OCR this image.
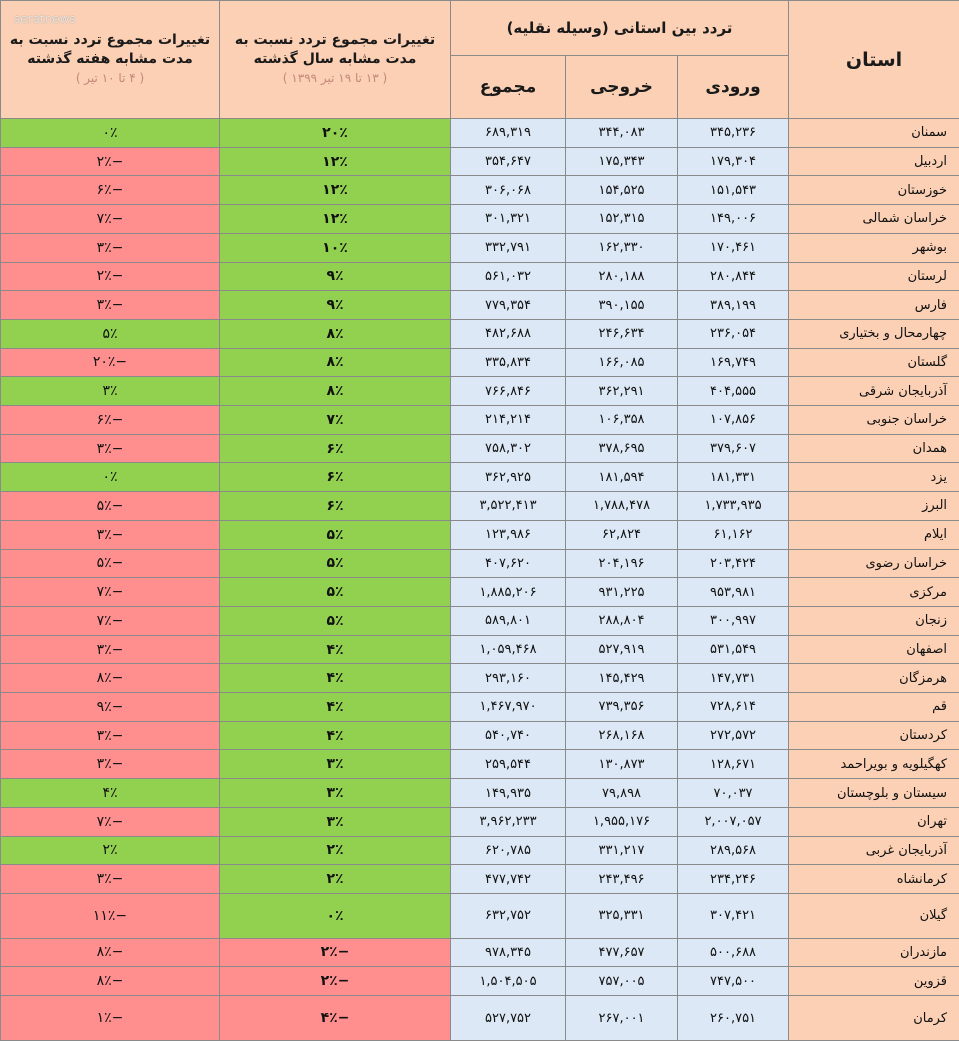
استان	تردد بین استانی (وسیله نقلیه)			تغییرات مجموع تردد نسبت به مدت مشابه سال گذشته
( ۱۳ تا ۱۹ تیر ۱۳۹۹ )	تغییرات مجموع تردد نسبت به مدت مشابه هفته گذشته
( ۴ تا ۱۰ تیر )

	ورودی	خروجی	مجموع		
سمنان	۳۴۵,۲۳۶	۳۴۴,۰۸۳	۶۸۹,۳۱۹	۲۰٪	۰٪
اردبیل	۱۷۹,۳۰۴	۱۷۵,۳۴۳	۳۵۴,۶۴۷	۱۲٪	−۲٪
خوزستان	۱۵۱,۵۴۳	۱۵۴,۵۲۵	۳۰۶,۰۶۸	۱۲٪	−۶٪
خراسان شمالی	۱۴۹,۰۰۶	۱۵۲,۳۱۵	۳۰۱,۳۲۱	۱۲٪	−۷٪
بوشهر	۱۷۰,۴۶۱	۱۶۲,۳۳۰	۳۳۲,۷۹۱	۱۰٪	−۳٪
لرستان	۲۸۰,۸۴۴	۲۸۰,۱۸۸	۵۶۱,۰۳۲	۹٪	−۲٪
فارس	۳۸۹,۱۹۹	۳۹۰,۱۵۵	۷۷۹,۳۵۴	۹٪	−۳٪
چهارمحال و بختیاری	۲۳۶,۰۵۴	۲۴۶,۶۳۴	۴۸۲,۶۸۸	۸٪	۵٪
گلستان	۱۶۹,۷۴۹	۱۶۶,۰۸۵	۳۳۵,۸۳۴	۸٪	−۲۰٪
آذربایجان شرقی	۴۰۴,۵۵۵	۳۶۲,۲۹۱	۷۶۶,۸۴۶	۸٪	۳٪
خراسان جنوبی	۱۰۷,۸۵۶	۱۰۶,۳۵۸	۲۱۴,۲۱۴	۷٪	−۶٪
همدان	۳۷۹,۶۰۷	۳۷۸,۶۹۵	۷۵۸,۳۰۲	۶٪	−۳٪
یزد	۱۸۱,۳۳۱	۱۸۱,۵۹۴	۳۶۲,۹۲۵	۶٪	۰٪
البرز	۱,۷۳۳,۹۳۵	۱,۷۸۸,۴۷۸	۳,۵۲۲,۴۱۳	۶٪	−۵٪
ایلام	۶۱,۱۶۲	۶۲,۸۲۴	۱۲۳,۹۸۶	۵٪	−۳٪
خراسان رضوی	۲۰۳,۴۲۴	۲۰۴,۱۹۶	۴۰۷,۶۲۰	۵٪	−۵٪
مرکزی	۹۵۳,۹۸۱	۹۳۱,۲۲۵	۱,۸۸۵,۲۰۶	۵٪	−۷٪
زنجان	۳۰۰,۹۹۷	۲۸۸,۸۰۴	۵۸۹,۸۰۱	۵٪	−۷٪
اصفهان	۵۳۱,۵۴۹	۵۲۷,۹۱۹	۱,۰۵۹,۴۶۸	۴٪	−۳٪
هرمزگان	۱۴۷,۷۳۱	۱۴۵,۴۲۹	۲۹۳,۱۶۰	۴٪	−۸٪
قم	۷۲۸,۶۱۴	۷۳۹,۳۵۶	۱,۴۶۷,۹۷۰	۴٪	−۹٪
کردستان	۲۷۲,۵۷۲	۲۶۸,۱۶۸	۵۴۰,۷۴۰	۴٪	−۳٪
کهگیلویه و بویراحمد	۱۲۸,۶۷۱	۱۳۰,۸۷۳	۲۵۹,۵۴۴	۳٪	−۳٪
سیستان و بلوچستان	۷۰,۰۳۷	۷۹,۸۹۸	۱۴۹,۹۳۵	۳٪	۴٪
تهران	۲,۰۰۷,۰۵۷	۱,۹۵۵,۱۷۶	۳,۹۶۲,۲۳۳	۳٪	−۷٪
آذربایجان غربی	۲۸۹,۵۶۸	۳۳۱,۲۱۷	۶۲۰,۷۸۵	۲٪	۲٪
کرمانشاه	۲۳۴,۲۴۶	۲۴۳,۴۹۶	۴۷۷,۷۴۲	۲٪	−۳٪
گیلان	۳۰۷,۴۲۱	۳۲۵,۳۳۱	۶۳۲,۷۵۲	۰٪	−۱۱٪
مازندران	۵۰۰,۶۸۸	۴۷۷,۶۵۷	۹۷۸,۳۴۵	−۲٪	−۸٪
قزوین	۷۴۷,۵۰۰	۷۵۷,۰۰۵	۱,۵۰۴,۵۰۵	−۲٪	−۸٪
کرمان	۲۶۰,۷۵۱	۲۶۷,۰۰۱	۵۲۷,۷۵۲	−۴٪	−۱٪
seratnews
